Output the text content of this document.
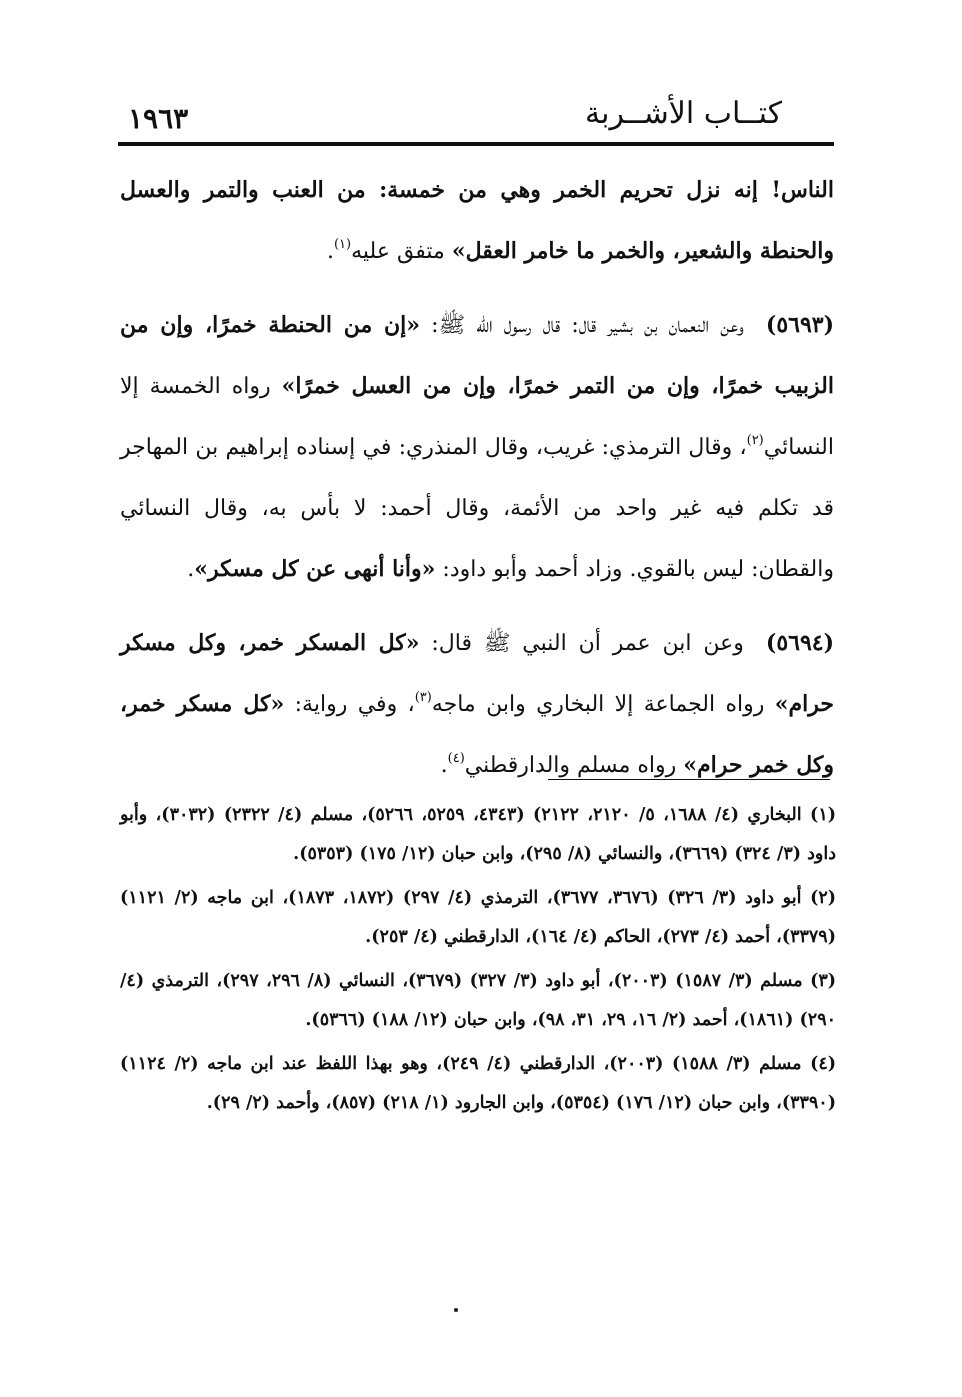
كتــاب الأشــربة
١٩٦٣

الناس! إنه نزل تحريم الخمر وهي من خمسة: من العنب والتمر والعسل والحنطة والشعير، والخمر ما خامر العقل» متفق عليه$^{(١)}$.

(٥٦٩٣)وعن النعمان بن بشير قال: قال رسول الله ﷺ: «إن من الحنطة خمرًا، وإن من الزبيب خمرًا، وإن من التمر خمرًا، وإن من العسل خمرًا» رواه الخمسة إلا النسائي$^{(٢)}$، وقال الترمذي: غريب، وقال المنذري: في إسناده إبراهيم بن المهاجر قد تكلم فيه غير واحد من الأئمة، وقال أحمد: لا بأس به، وقال النسائي والقطان: ليس بالقوي. وزاد أحمد وأبو داود: «وأنا أنهى عن كل مسكر».

(٥٦٩٤)وعن ابن عمر أن النبي ﷺ قال: «كل المسكر خمر، وكل مسكر حرام» رواه الجماعة إلا البخاري وابن ماجه$^{(٣)}$، وفي رواية: «كل مسكر خمر، وكل خمر حرام» رواه مسلم والدارقطني$^{(٤)}$.

(١) البخاري (٤/ ١٦٨٨، ٥/ ٢١٢٠، ٢١٢٢) (٤٣٤٣، ٥٢٥٩، ٥٢٦٦)، مسلم (٤/ ٢٣٢٢) (٣٠٣٢)، وأبو داود (٣/ ٣٢٤) (٣٦٦٩)، والنسائي (٨/ ٢٩٥)، وابن حبان (١٢/ ١٧٥) (٥٣٥٣).

(٢) أبو داود (٣/ ٣٢٦) (٣٦٧٦، ٣٦٧٧)، الترمذي (٤/ ٢٩٧) (١٨٧٢، ١٨٧٣)، ابن ماجه (٢/ ١١٢١) (٣٣٧٩)، أحمد (٤/ ٢٧٣)، الحاكم (٤/ ١٦٤)، الدارقطني (٤/ ٢٥٣).

(٣) مسلم (٣/ ١٥٨٧) (٢٠٠٣)، أبو داود (٣/ ٣٢٧) (٣٦٧٩)، النسائي (٨/ ٢٩٦، ٢٩٧)، الترمذي (٤/ ٢٩٠) (١٨٦١)، أحمد (٢/ ١٦، ٢٩، ٣١، ٩٨)، وابن حبان (١٢/ ١٨٨) (٥٣٦٦).

(٤) مسلم (٣/ ١٥٨٨) (٢٠٠٣)، الدارقطني (٤/ ٢٤٩)، وهو بهذا اللفظ عند ابن ماجه (٢/ ١١٢٤) (٣٣٩٠)، وابن حبان (١٢/ ١٧٦) (٥٣٥٤)، وابن الجارود (١/ ٢١٨) (٨٥٧)، وأحمد (٢/ ٢٩).
